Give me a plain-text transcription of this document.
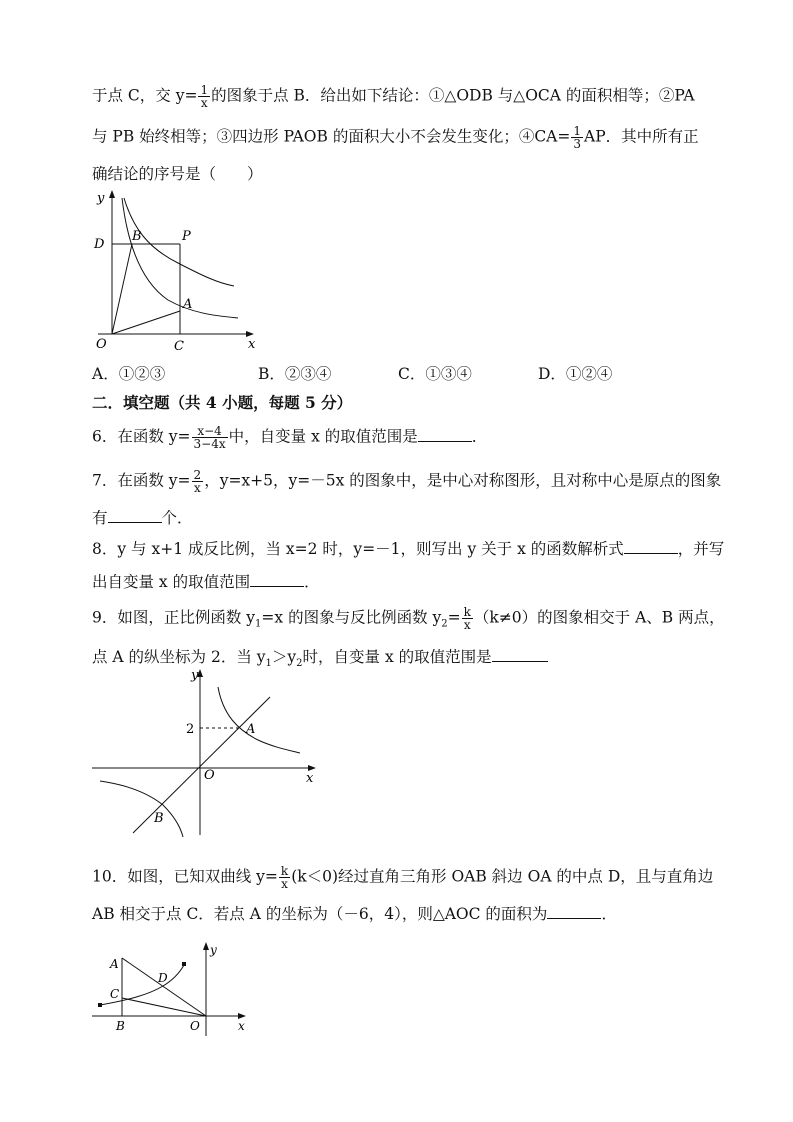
于点 C，交 $y= \frac{1}{x}$ 的图象于点 B．给出如下结论：①△ODB 与△OCA 的面积相等；②PA
与 PB 始终相等；③四边形 PAOB 的面积大小不会发生变化；④CA= $\frac{1}{3}$ AP．其中所有正
确结论的序号是（　　）
y
x
D
B	P
A
O	C
A．①②③	B．②③④	C．①③④	D．①②④
二．填空题（共 4 小题，每题 5 分）
6．在函数 $y= \frac{x-4}{3-4x}$ 中，自变量 x 的取值范围是	．
7．在函数 $y= \frac{2}{x}$ ，y=x+5，y=－5x 的图象中，是中心对称图形，且对称中心是原点的图象
有	个．
8．y 与 x+1 成反比例，当 x=2 时，y=－1，则写出 y 关于 x 的函数解析式	，并写
出自变量 x 的取值范围	．
9．如图，正比例函数 $y_1=x$ 的图象与反比例函数 $y_2= \frac{k}{x} (k\ne 0)$的图象相交于 A、B 两点，
点 A 的纵坐标为 2．当 $y_1>y_2$时，自变量 x 的取值范围是
y
x
2	A
O
B
10．如图，已知双曲线 $y= \frac{k}{x} (k<0)$经过直角三角形 OAB 斜边 OA 的中点 D，且与直角边
AB 相交于点 C．若点 A 的坐标为（－6，4），则△AOC 的面积为	．
y
x
A
D
C
B	O
